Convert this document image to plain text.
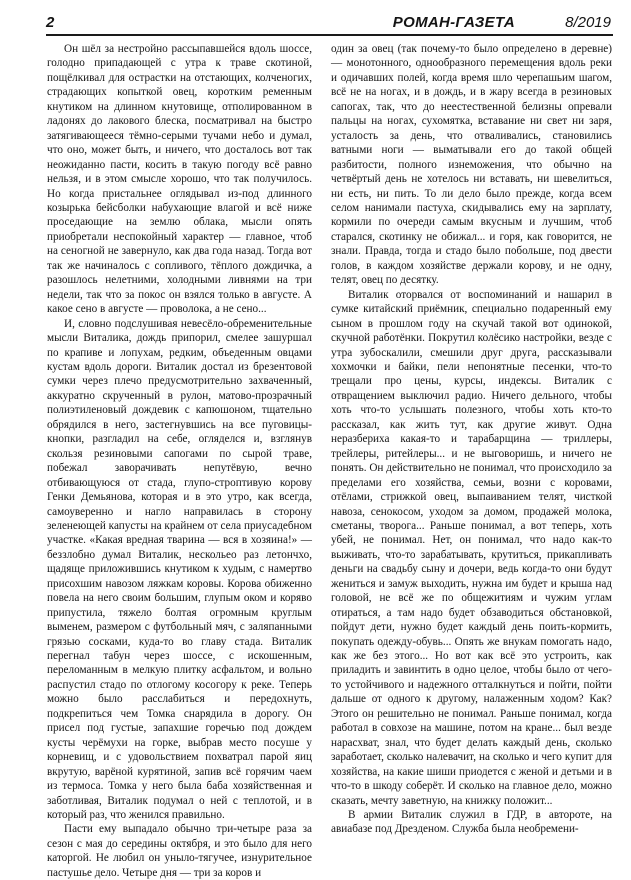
2	РОМАН-ГАЗЕТА	8/2019

Он шёл за нестройно рассыпавшейся вдоль шоссе, голодно припадающей с утра к траве скотиной, пощёлкивал для острастки на отстающих, колченогих, страдающих копыткой овец, коротким ременным кнутиком на длинном кнутовище, отполированном в ладонях до лакового блеска, посматривал на быстро затягивающееся тёмно-серыми тучами небо и думал, что оно, может быть, и ничего, что досталось вот так неожиданно пасти, косить в такую погоду всё равно нельзя, и в этом смысле хорошо, что так получилось. Но когда пристальнее оглядывал из-под длинного козырька бейсболки набухающие влагой и всё ниже проседающие на землю облака, мысли опять приобретали неспокойный характер — главное, чтоб на сеногной не завернуло, как два года назад. Тогда вот так же начиналось с сопливого, тёплого дождичка, а разошлось нелетними, холодными ливнями на три недели, так что за покос он взялся только в августе. А какое сено в августе — проволока, а не сено...

И, словно подслушивая невесёло-обременительные мысли Виталика, дождь припорил, смелее зашуршал по крапиве и лопухам, редким, объеденным овцами кустам вдоль дороги. Виталик достал из брезентовой сумки через плечо предусмотрительно захваченный, аккуратно скрученный в рулон, матово-прозрачный полиэтиленовый дождевик с капюшоном, тщательно обрядился в него, застегнувшись на все пуговицы-кнопки, разгладил на себе, огляделся и, взглянув скользя резиновыми сапогами по сырой траве, побежал заворачивать непутёвую, вечно отбивающуюся от стада, глупо-строптивую корову Генки Демьянова, которая и в это утро, как всегда, самоуверенно и нагло направилась в сторону зеленеющей капусты на крайнем от села приусадебном участке. «Какая вредная тварина — вся в хозяина!» — беззлобно думал Виталик, нескольео раз летончхо, щадяще приложившись кнутиком к худым, с намертво присохшим навозом ляжкам коровы. Корова обиженно повела на него своим большим, глупым оком и коряво припустила, тяжело болтая огромным круглым выменем, размером с футбольный мяч, с заляпанными грязью сосками, куда-то во главу стада. Виталик перегнал табун через шоссе, с искошенным, переломанным в мелкую плитку асфальтом, и вольно распустил стадо по отлогому косогору к реке. Теперь можно было расслабиться и передохнуть, подкрепиться чем Томка снарядила в дорогу. Он присел под густые, запахшие горечью под дождем кусты черёмухи на горке, выбрав место посуше у корневищ, и с удовольствием похватрал парой яиц вкрутую, варёной курятиной, запив всё горячим чаем из термоса. Томка у него была баба хозяйственная и заботливая, Виталик подумал о ней с теплотой, и в который раз, что женился правильно.

Пасти ему выпадало обычно три-четыре раза за сезон с мая до середины октября, и это было для него каторгой. Не любил он уныло-тягучее, изнурительное пастушье дело. Четыре дня — три за коров и

один за овец (так почему-то было определено в деревне) — монотонного, однообразного перемещения вдоль реки и одичавших полей, когда время шло черепашьим шагом, всё не на ногах, и в дождь, и в жару всегда в резиновых сапогах, так, что до неестественной белизны опревали пальцы на ногах, сухомятка, вставание ни свет ни заря, усталость за день, что отваливались, становились ватными ноги — выматывали его до такой общей разбитости, полного изнеможения, что обычно на четвёртый день не хотелось ни вставать, ни шевелиться, ни есть, ни пить. То ли дело было прежде, когда всем селом нанимали пастуха, скидывались ему на зарплату, кормили по очереди самым вкусным и лучшим, чтоб старался, скотинку не обижал... и горя, как говорится, не знали. Правда, тогда и стадо было побольше, под двести голов, в каждом хозяйстве держали корову, и не одну, телят, овец по десятку.

Виталик оторвался от воспоминаний и нашарил в сумке китайский приёмник, специально подаренный ему сыном в прошлом году на скучай такой вот одинокой, скучной работёнки. Покрутил колёсико настройки, везде с утра зубоскалили, смешили друг друга, рассказывали хохмочки и байки, пели непонятные песенки, что-то трещали про цены, курсы, индексы. Виталик с отвращением выключил радио. Ничего дельного, чтобы хоть что-то услышать полезного, чтобы хоть кто-то рассказал, как жить тут, как другие живут. Одна неразбериха какая-то и тарабарщина — триллеры, трейлеры, ритейлеры... и не выговоришь, и ничего не понять. Он действительно не понимал, что происходило за пределами его хозяйства, семьи, возни с коровами, отёлами, стрижкой овец, выпаиванием телят, чисткой навоза, сенокосом, уходом за домом, продажей молока, сметаны, творога... Раньше понимал, а вот теперь, хоть убей, не понимал. Нет, он понимал, что надо как-то выживать, что-то зарабатывать, крутиться, прикапливать деньги на свадьбу сыну и дочери, ведь когда-то они будут жениться и замуж выходить, нужна им будет и крыша над головой, не всё же по общежитиям и чужим углам отираться, а там надо будет обзаводиться обстановкой, пойдут дети, нужно будет каждый день поить-кормить, покупать одежду-обувь... Опять же внукам помогать надо, как же без этого... Но вот как всё это устроить, как приладить и завинтить в одно целое, чтобы было от чего-то устойчивого и надежного отталкнуться и пойти, пойти дальше от одного к другому, налаженным ходом? Как? Этого он решительно не понимал. Раньше понимал, когда работал в совхозе на машине, потом на кране... был везде нарасхват, знал, что будет делать каждый день, сколько заработает, сколько налевачит, на сколько и чего купит для хозяйства, на какие шиши приодется с женой и детьми и в что-то в шкоду соберёт. И сколько на главное дело, можно сказать, мечту заветную, на книжку положит...

В армии Виталик служил в ГДР, в автороте, на авиабазе под Дрезденом. Служба была необремени-
